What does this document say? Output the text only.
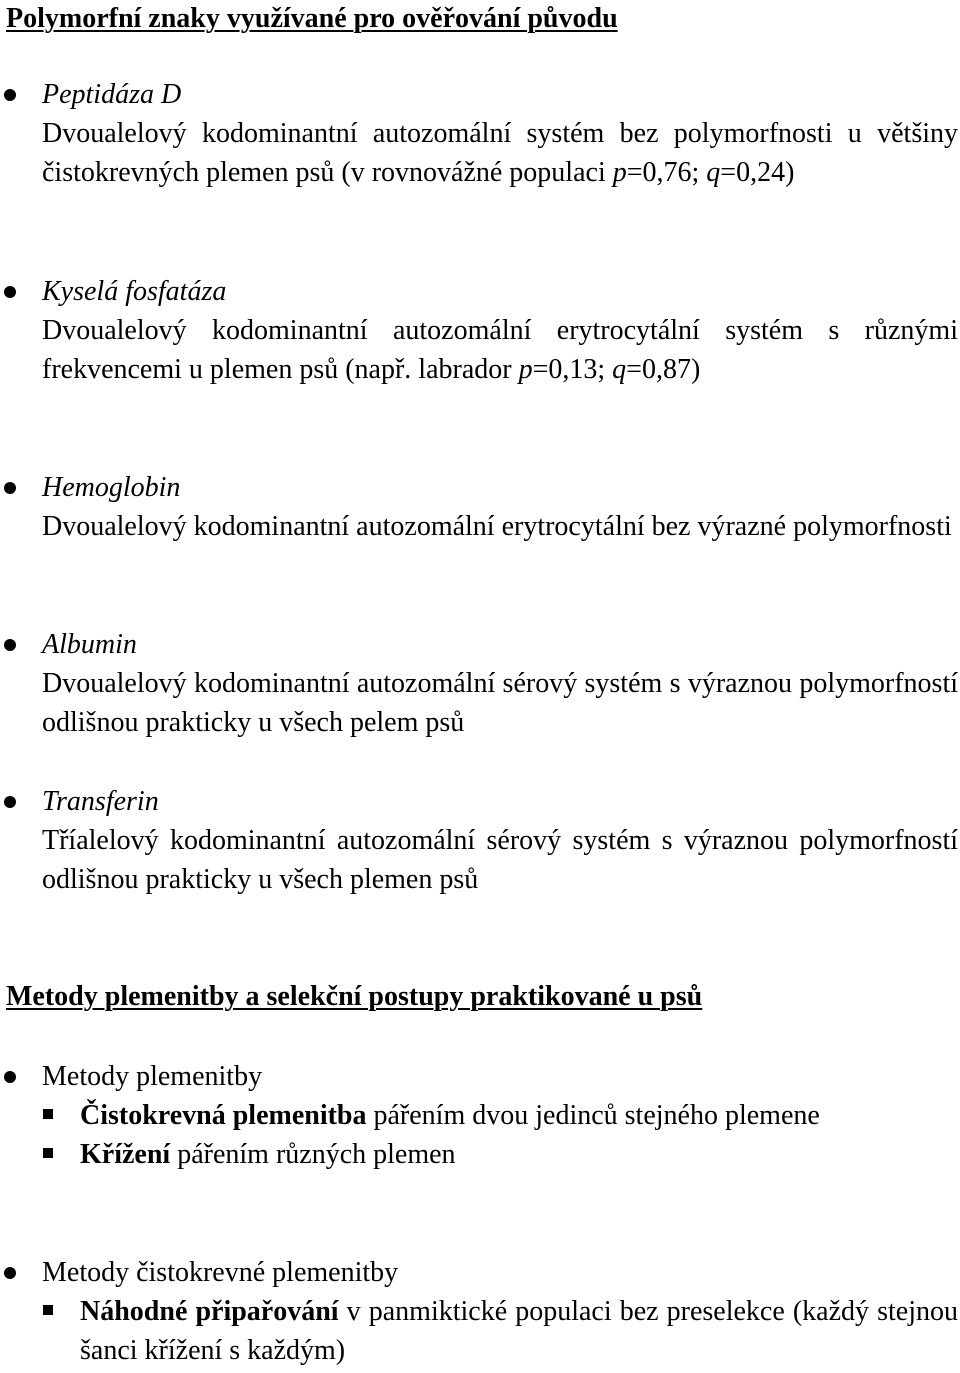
Polymorfní znaky využívané pro ověřování původu
Peptidáza D
Dvoualelový kodominantní autozomální systém bez polymorfnosti u většiny čistokrevných plemen psů (v rovnovážné populaci p=0,76; q=0,24)
Kyselá fosfatáza
Dvoualelový kodominantní autozomální erytrocytální systém s různými frekvencemi u plemen psů (např. labrador p=0,13; q=0,87)
Hemoglobin
Dvoualelový kodominantní autozomální erytrocytální bez výrazné polymorfnosti
Albumin
Dvoualelový kodominantní autozomální sérový systém s výraznou polymorfností odlišnou prakticky u všech pelem psů
Transferin
Tříalelový kodominantní autozomální sérový systém s výraznou polymorfností odlišnou prakticky u všech plemen psů
Metody plemenitby a selekční postupy praktikované u psů
Metody plemenitby
Čistokrevná plemenitba pářením dvou jedinců stejného plemene
Křížení pářením různých plemen
Metody čistokrevné plemenitby
Náhodné připařování v panmiktické populaci bez preselekce (každý stejnou šanci křížení s každým)
